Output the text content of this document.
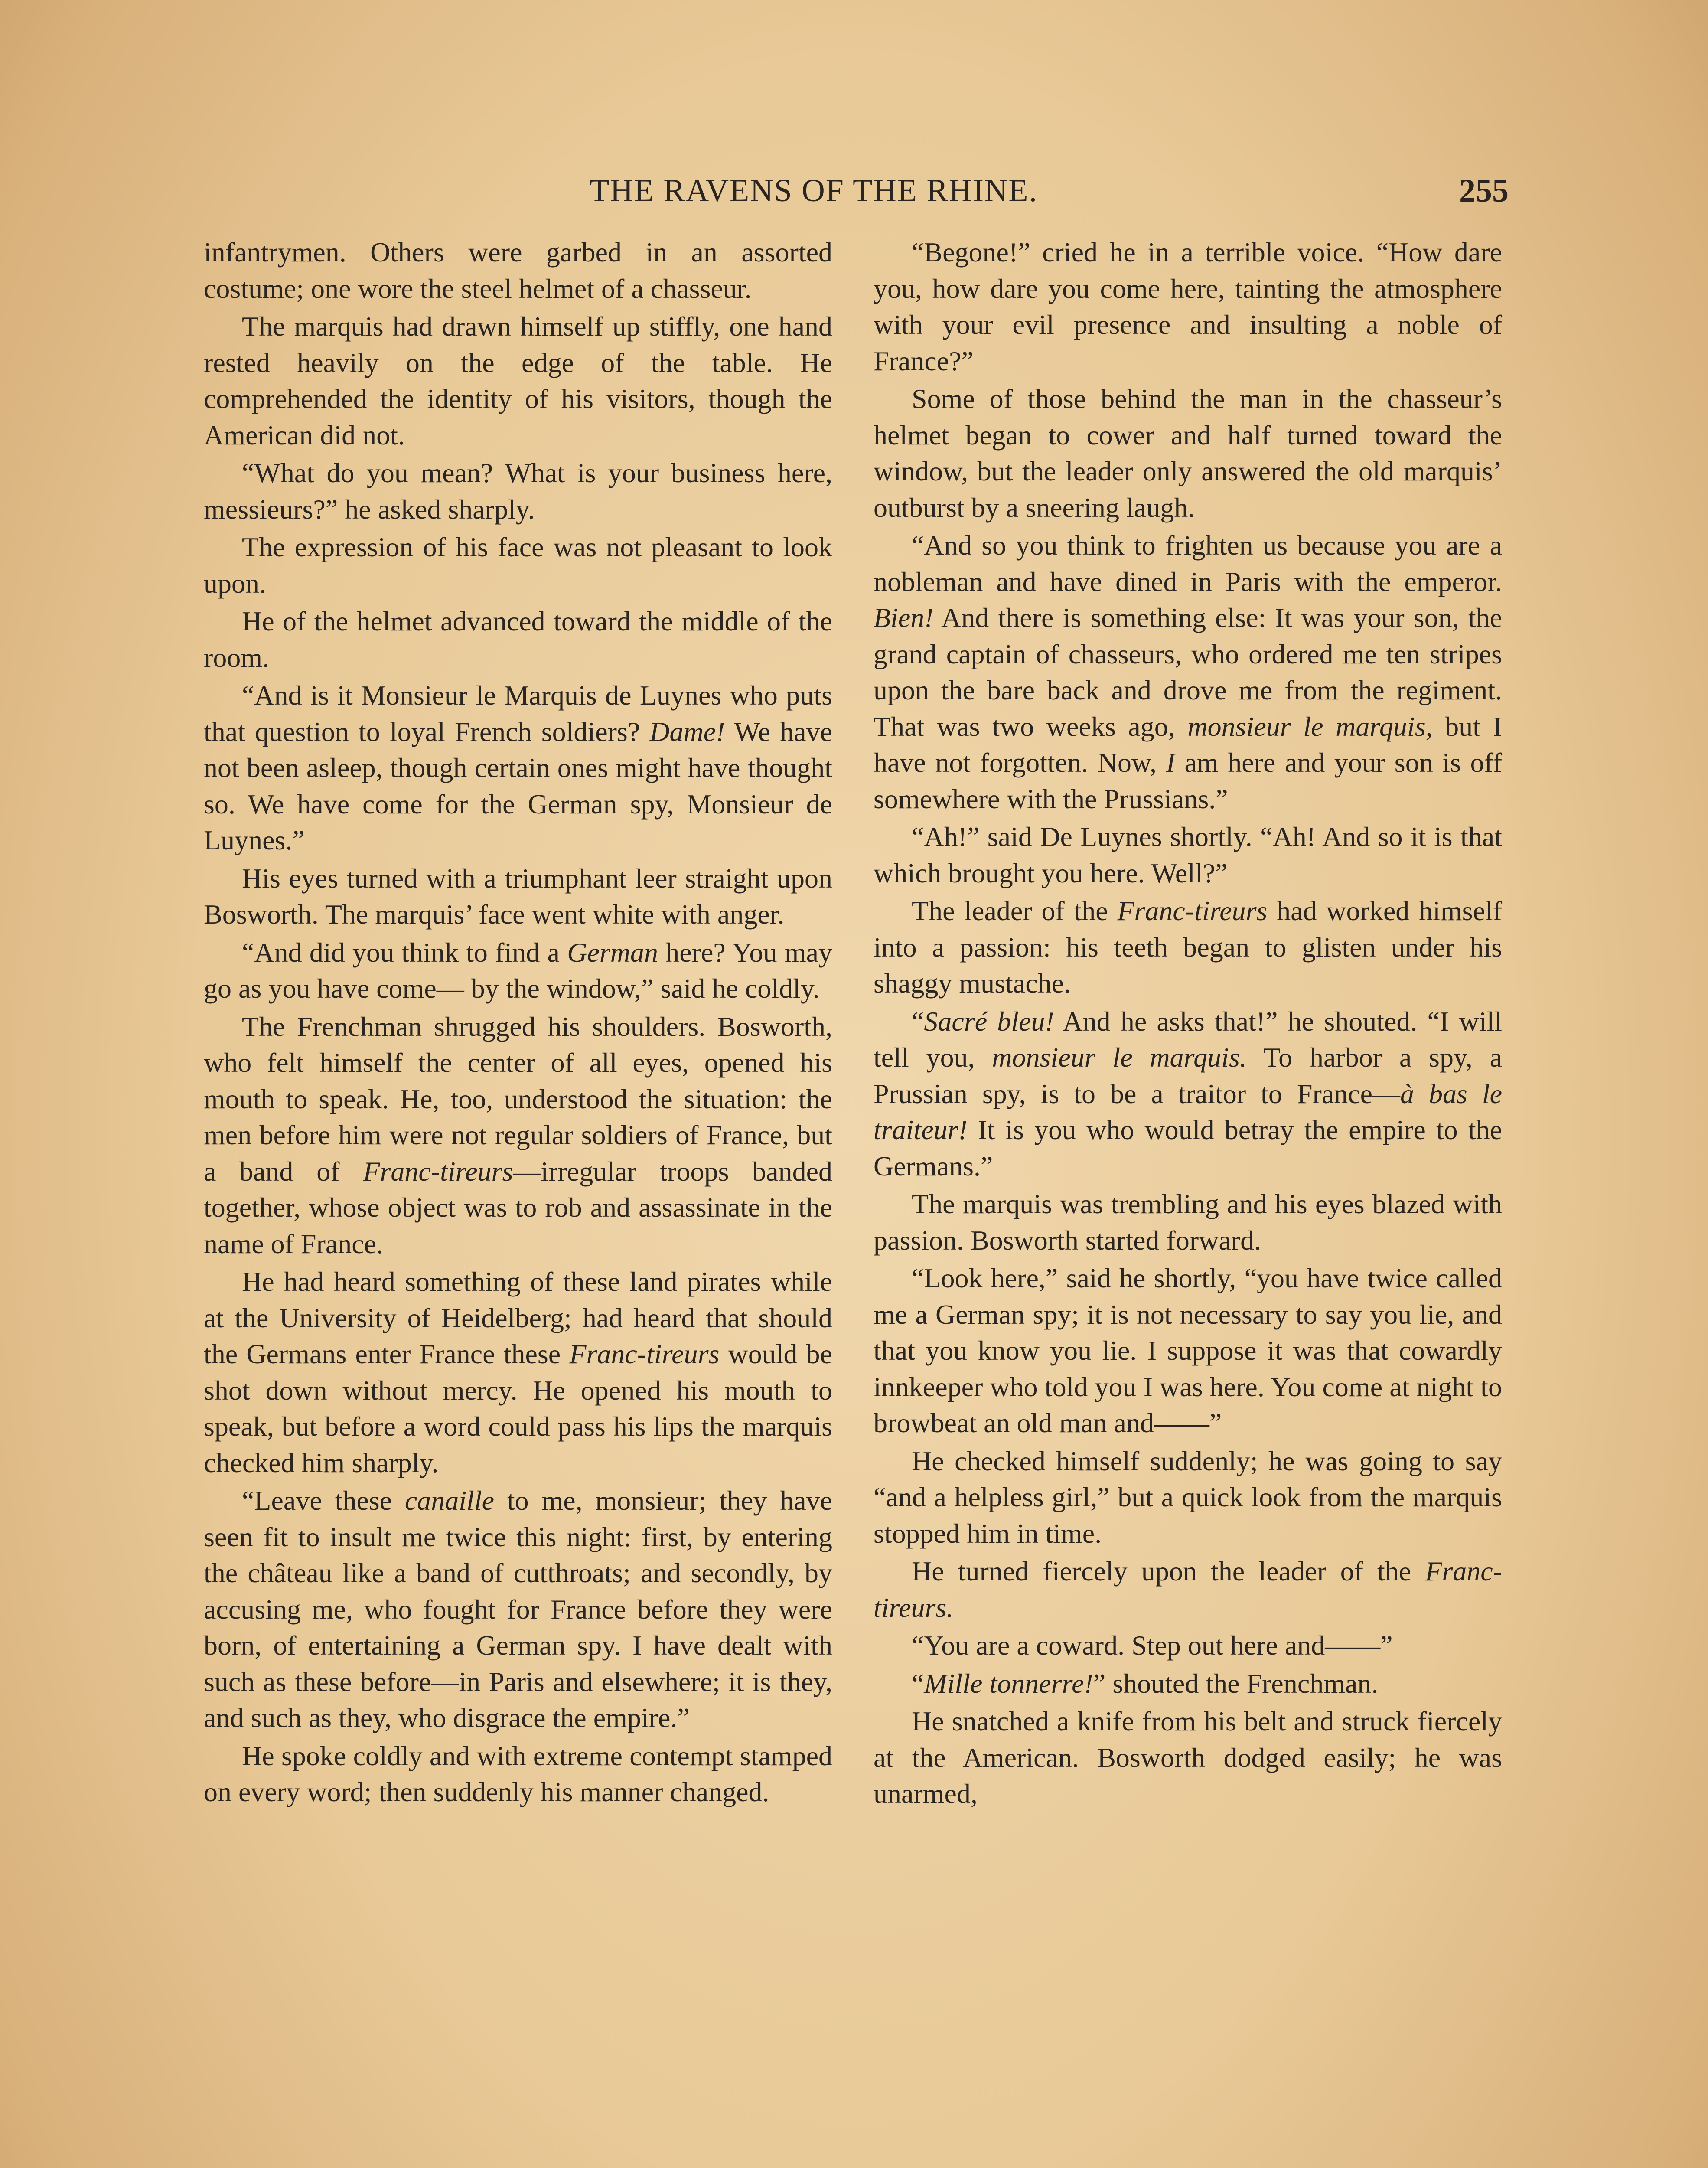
THE RAVENS OF THE RHINE.	255

infantrymen. Others were garbed in an assorted costume; one wore the steel helmet of a chasseur.

The marquis had drawn himself up stiffly, one hand rested heavily on the edge of the table. He comprehended the identity of his visitors, though the American did not.

“What do you mean? What is your business here, messieurs?” he asked sharply.

The expression of his face was not pleasant to look upon.

He of the helmet advanced toward the middle of the room.

“And is it Monsieur le Marquis de Luynes who puts that question to loyal French soldiers? Dame! We have not been asleep, though certain ones might have thought so. We have come for the German spy, Monsieur de Luynes.”

His eyes turned with a triumphant leer straight upon Bosworth. The marquis’ face went white with anger.

“And did you think to find a German here? You may go as you have come— by the window,” said he coldly.

The Frenchman shrugged his shoulders. Bosworth, who felt himself the center of all eyes, opened his mouth to speak. He, too, understood the situation: the men before him were not regular soldiers of France, but a band of Franc-tireurs—irregular troops banded together, whose object was to rob and assassinate in the name of France.

He had heard something of these land pirates while at the University of Heidelberg; had heard that should the Germans enter France these Franc-tireurs would be shot down without mercy. He opened his mouth to speak, but before a word could pass his lips the marquis checked him sharply.

“Leave these canaille to me, monsieur; they have seen fit to insult me twice this night: first, by entering the château like a band of cutthroats; and secondly, by accusing me, who fought for France before they were born, of entertaining a German spy. I have dealt with such as these before—in Paris and elsewhere; it is they, and such as they, who disgrace the empire.”

He spoke coldly and with extreme contempt stamped on every word; then suddenly his manner changed.

“Begone!” cried he in a terrible voice. “How dare you, how dare you come here, tainting the atmosphere with your evil presence and insulting a noble of France?”

Some of those behind the man in the chasseur’s helmet began to cower and half turned toward the window, but the leader only answered the old marquis’ outburst by a sneering laugh.

“And so you think to frighten us because you are a nobleman and have dined in Paris with the emperor. Bien! And there is something else: It was your son, the grand captain of chasseurs, who ordered me ten stripes upon the bare back and drove me from the regiment. That was two weeks ago, monsieur le marquis, but I have not forgotten. Now, I am here and your son is off somewhere with the Prussians.”

“Ah!” said De Luynes shortly. “Ah! And so it is that which brought you here. Well?”

The leader of the Franc-tireurs had worked himself into a passion: his teeth began to glisten under his shaggy mustache.

“Sacré bleu! And he asks that!” he shouted. “I will tell you, monsieur le marquis. To harbor a spy, a Prussian spy, is to be a traitor to France—à bas le traiteur! It is you who would betray the empire to the Germans.”

The marquis was trembling and his eyes blazed with passion. Bosworth started forward.

“Look here,” said he shortly, “you have twice called me a German spy; it is not necessary to say you lie, and that you know you lie. I suppose it was that cowardly innkeeper who told you I was here. You come at night to browbeat an old man and——”

He checked himself suddenly; he was going to say “and a helpless girl,” but a quick look from the marquis stopped him in time.

He turned fiercely upon the leader of the Franc-tireurs.

“You are a coward. Step out here and——”

“Mille tonnerre!” shouted the Frenchman.

He snatched a knife from his belt and struck fiercely at the American. Bosworth dodged easily; he was unarmed,
